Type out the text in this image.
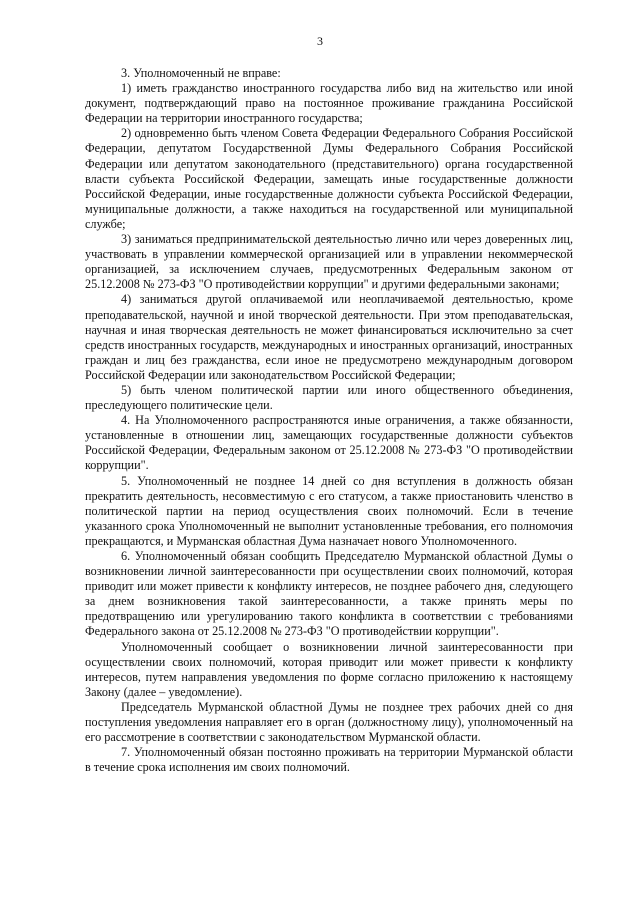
3

3. Уполномоченный не вправе:

1) иметь гражданство иностранного государства либо вид на жительство или иной документ, подтверждающий право на постоянное проживание гражданина Российской Федерации на территории иностранного государства;

2) одновременно быть членом Совета Федерации Федерального Собрания Российской Федерации, депутатом Государственной Думы Федерального Собрания Российской Федерации или депутатом законодательного (представительного) органа государственной власти субъекта Российской Федерации, замещать иные государственные должности Российской Федерации, иные государственные должности субъекта Российской Федерации, муниципальные должности, а также находиться на государственной или муниципальной службе;

3) заниматься предпринимательской деятельностью лично или через доверенных лиц, участвовать в управлении коммерческой организацией или в управлении некоммерческой организацией, за исключением случаев, предусмотренных Федеральным законом от 25.12.2008 № 273-ФЗ "О противодействии коррупции" и другими федеральными законами;

4) заниматься другой оплачиваемой или неоплачиваемой деятельностью, кроме преподавательской, научной и иной творческой деятельности. При этом преподавательская, научная и иная творческая деятельность не может финансироваться исключительно за счет средств иностранных государств, международных и иностранных организаций, иностранных граждан и лиц без гражданства, если иное не предусмотрено международным договором Российской Федерации или законодательством Российской Федерации;

5) быть членом политической партии или иного общественного объединения, преследующего политические цели.

4. На Уполномоченного распространяются иные ограничения, а также обязанности, установленные в отношении лиц, замещающих государственные должности субъектов Российской Федерации, Федеральным законом от 25.12.2008 № 273-ФЗ "О противодействии коррупции".

5. Уполномоченный не позднее 14 дней со дня вступления в должность обязан прекратить деятельность, несовместимую с его статусом, а также приостановить членство в политической партии на период осуществления своих полномочий. Если в течение указанного срока Уполномоченный не выполнит установленные требования, его полномочия прекращаются, и Мурманская областная Дума назначает нового Уполномоченного.

6. Уполномоченный обязан сообщить Председателю Мурманской областной Думы о возникновении личной заинтересованности при осуществлении своих полномочий, которая приводит или может привести к конфликту интересов, не позднее рабочего дня, следующего за днем возникновения такой заинтересованности, а также принять меры по предотвращению или урегулированию такого конфликта в соответствии с требованиями Федерального закона от 25.12.2008 № 273-ФЗ "О противодействии коррупции".

Уполномоченный сообщает о возникновении личной заинтересованности при осуществлении своих полномочий, которая приводит или может привести к конфликту интересов, путем направления уведомления по форме согласно приложению к настоящему Закону (далее – уведомление).

Председатель Мурманской областной Думы не позднее трех рабочих дней со дня поступления уведомления направляет его в орган (должностному лицу), уполномоченный на его рассмотрение в соответствии с законодательством Мурманской области.

7. Уполномоченный обязан постоянно проживать на территории Мурманской области в течение срока исполнения им своих полномочий.
